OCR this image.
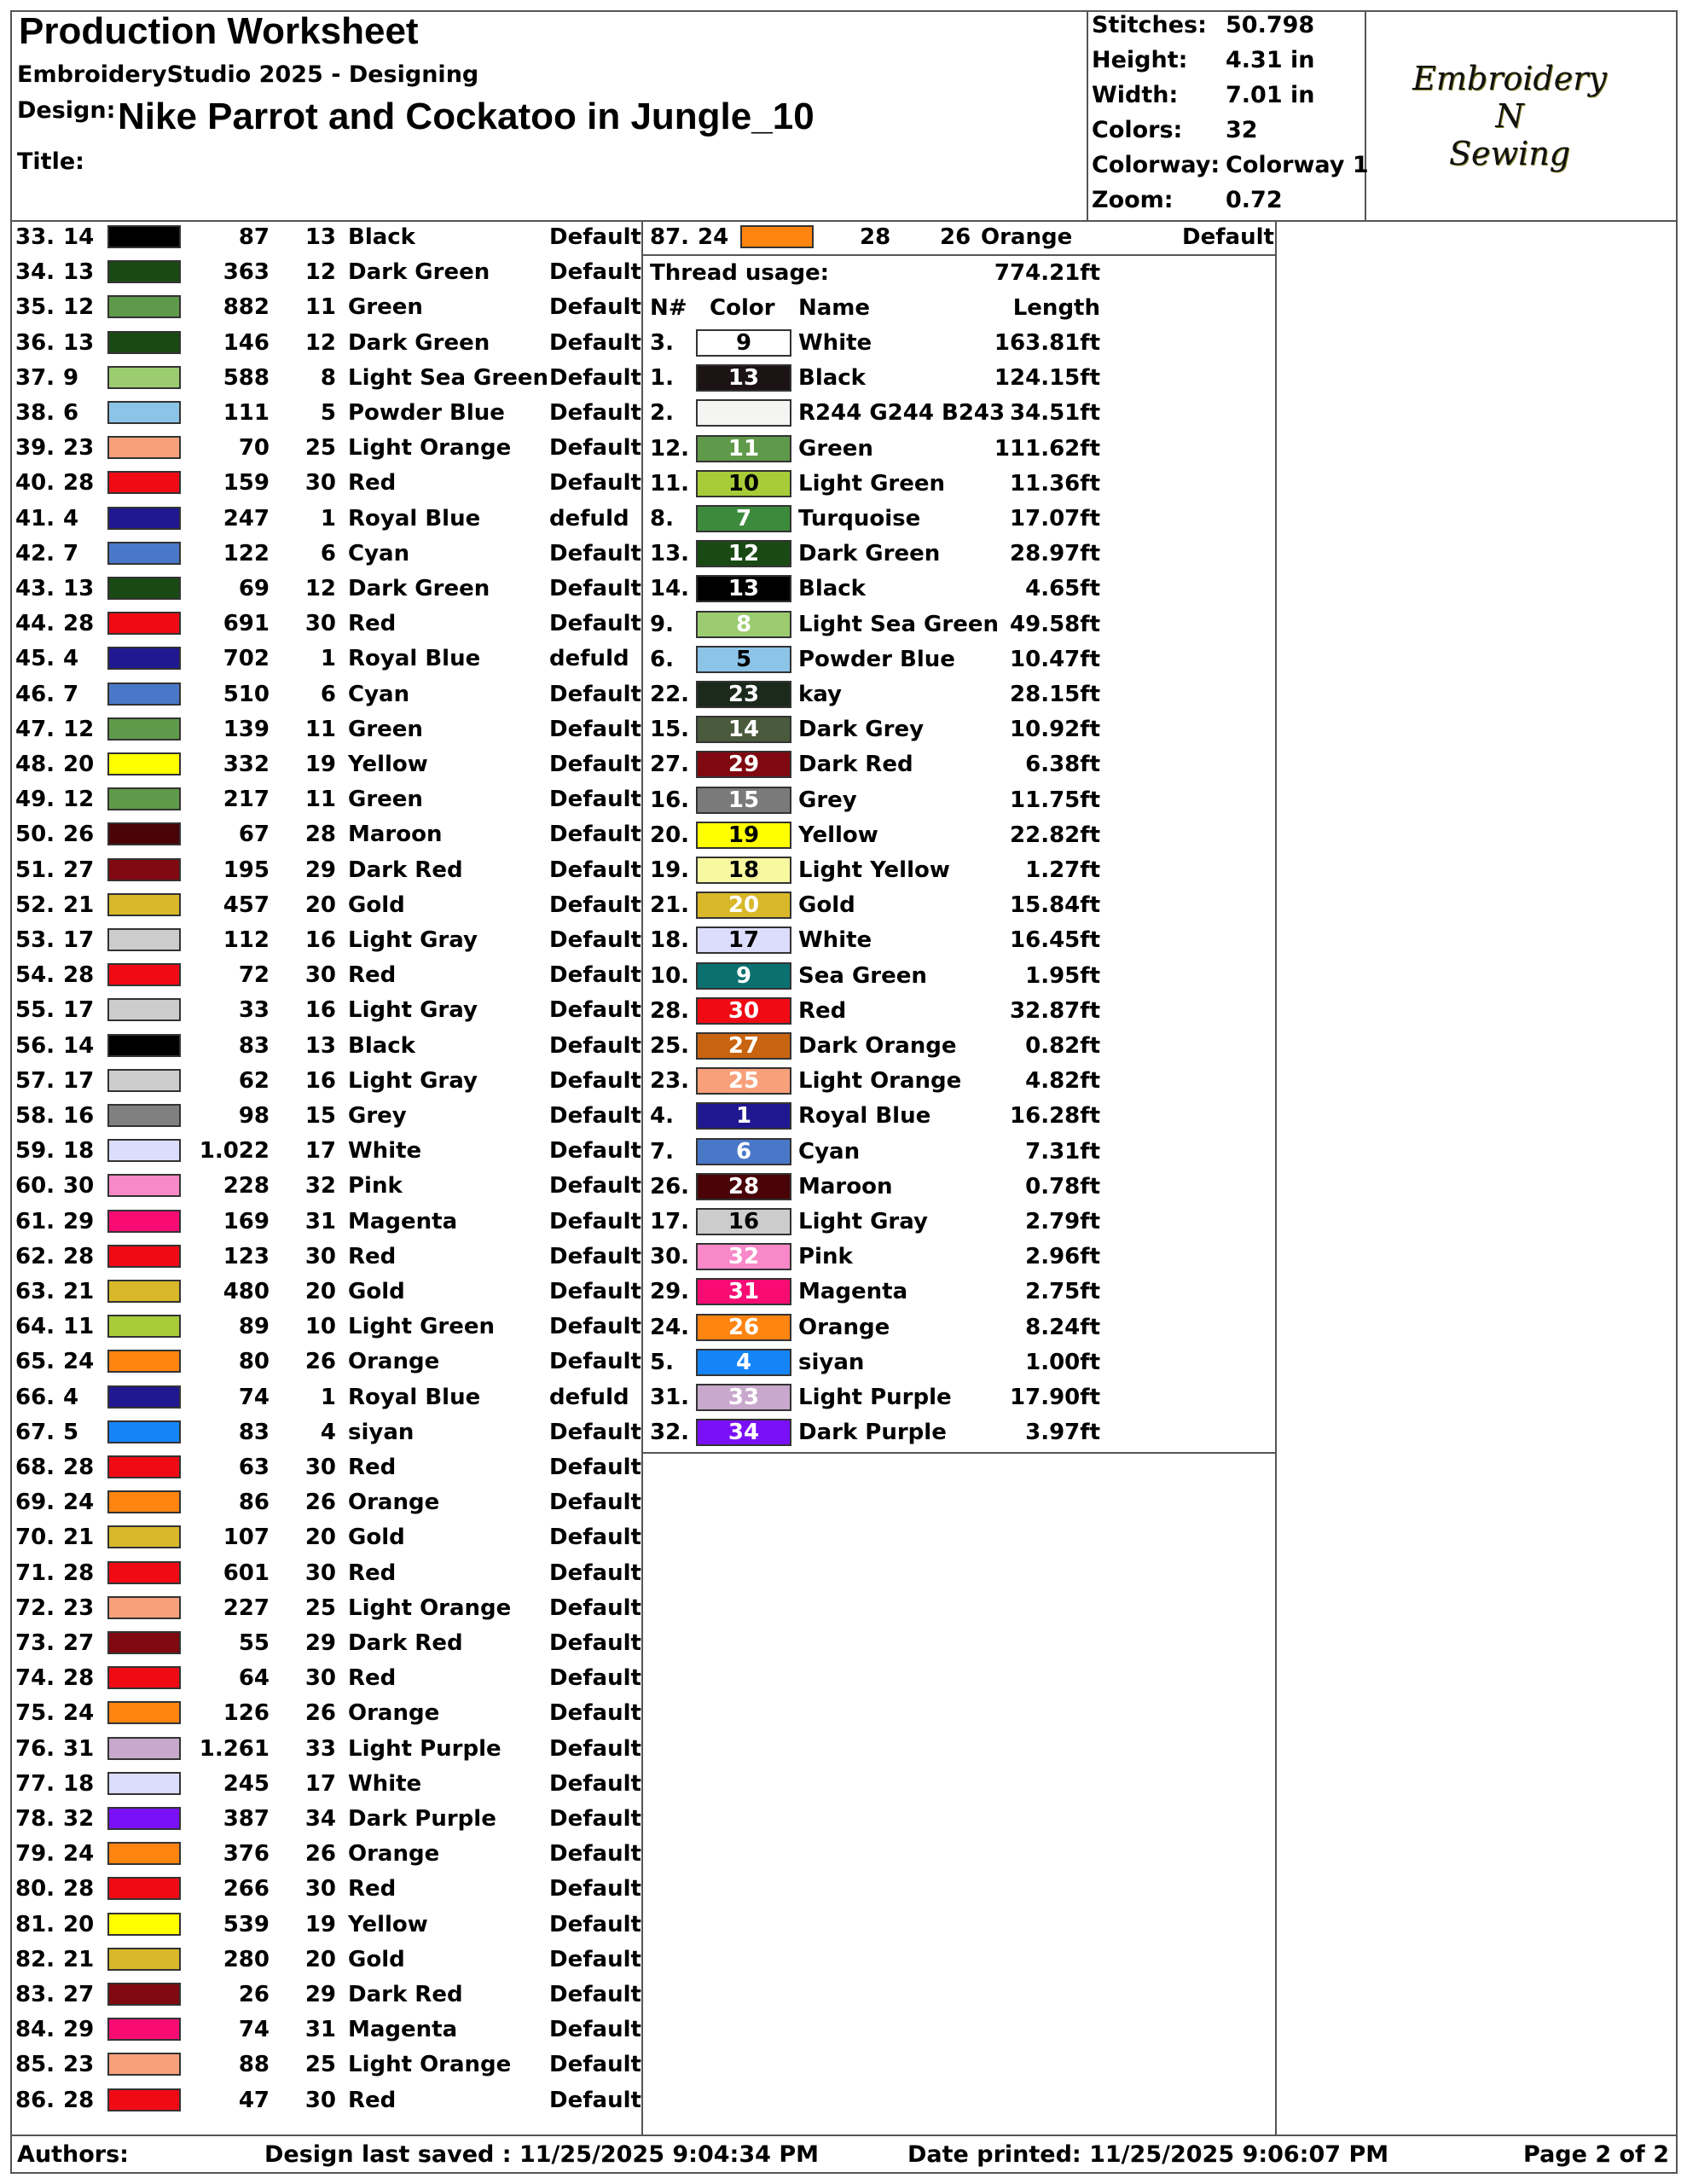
Production Worksheet
EmbroideryStudio 2025 - Designing
Design: Nike Parrot and Cockatoo in Jungle_10
Title:
Stitches: 50.798
Height: 4.31 in
Width: 7.01 in
Colors: 32
Colorway: Colorway 1
Zoom: 0.72
Embroidery
N
Sewing
33. 14	87	13 Black	Default
34. 13	363	12 Dark Green	Default
35. 12	882	11 Green	Default
36. 13	146	12 Dark Green	Default
37. 9	588	8 Light Sea Green Default
38. 6	111	5 Powder Blue Default
39. 23	70	25 Light Orange Default
40. 28	159	30 Red	Default
41. 4	247	1 Royal Blue	defuld
42. 7	122	6 Cyan	Default
43. 13	69	12 Dark Green	Default
44. 28	691	30 Red	Default
45. 4	702	1 Royal Blue	defuld
46. 7	510	6 Cyan	Default
47. 12	139	11 Green	Default
48. 20	332	19 Yellow	Default
49. 12	217	11 Green	Default
50. 26	67	28 Maroon	Default
51. 27	195	29 Dark Red	Default
52. 21	457	20 Gold	Default
53. 17	112	16 Light Gray	Default
54. 28	72	30 Red	Default
55. 17	33	16 Light Gray	Default
56. 14	83	13 Black	Default
57. 17	62	16 Light Gray	Default
58. 16	98	15 Grey	Default
59. 18	1.022	17 White	Default
60. 30	228	32 Pink	Default
61. 29	169	31 Magenta	Default
62. 28	123	30 Red	Default
63. 21	480	20 Gold	Default
64. 11	89	10 Light Green Default
65. 24	80	26 Orange	Default
66. 4	74	1 Royal Blue	defuld
67. 5	83	4 siyan	Default
68. 28	63	30 Red	Default
69. 24	86	26 Orange	Default
70. 21	107	20 Gold	Default
71. 28	601	30 Red	Default
72. 23	227	25 Light Orange Default
73. 27	55	29 Dark Red	Default
74. 28	64	30 Red	Default
75. 24	126	26 Orange	Default
76. 31	1.261	33 Light Purple Default
77. 18	245	17 White	Default
78. 32	387	34 Dark Purple Default
79. 24	376	26 Orange	Default
80. 28	266	30 Red	Default
81. 20	539	19 Yellow	Default
82. 21	280	20 Gold	Default
83. 27	26	29 Dark Red	Default
84. 29	74	31 Magenta	Default
85. 23	88	25 Light Orange Default
86. 28	47	30 Red	Default
87. 24	28 26 Orange	Default
Thread usage:	774.21ft
N# Color Name	Length
3.	9	White	163.81ft
1.	13	Black	124.15ft
2.	R244 G244 B243 34.51ft
12.	11	Green	111.62ft
11.	10	Light Green	11.36ft
8.	7	Turquoise	17.07ft
13.	12	Dark Green	28.97ft
14.	13	Black	4.65ft
9.	8	Light Sea Green 49.58ft
6.	5	Powder Blue	10.47ft
22.	23	kay	28.15ft
15.	14	Dark Grey	10.92ft
27.	29	Dark Red	6.38ft
16.	15	Grey	11.75ft
20.	19	Yellow	22.82ft
19.	18	Light Yellow	1.27ft
21.	20	Gold	15.84ft
18.	17	White	16.45ft
10.	9	Sea Green	1.95ft
28.	30	Red	32.87ft
25.	27	Dark Orange	0.82ft
23.	25	Light Orange	4.82ft
4.	1	Royal Blue	16.28ft
7.	6	Cyan	7.31ft
26.	28	Maroon	0.78ft
17.	16	Light Gray	2.79ft
30.	32	Pink	2.96ft
29.	31	Magenta	2.75ft
24.	26	Orange	8.24ft
5.	4	siyan	1.00ft
31.	33	Light Purple	17.90ft
32.	34	Dark Purple	3.97ft
Authors:	Design last saved : 11/25/2025 9:04:34 PM	Date printed: 11/25/2025 9:06:07 PM	Page 2 of 2
